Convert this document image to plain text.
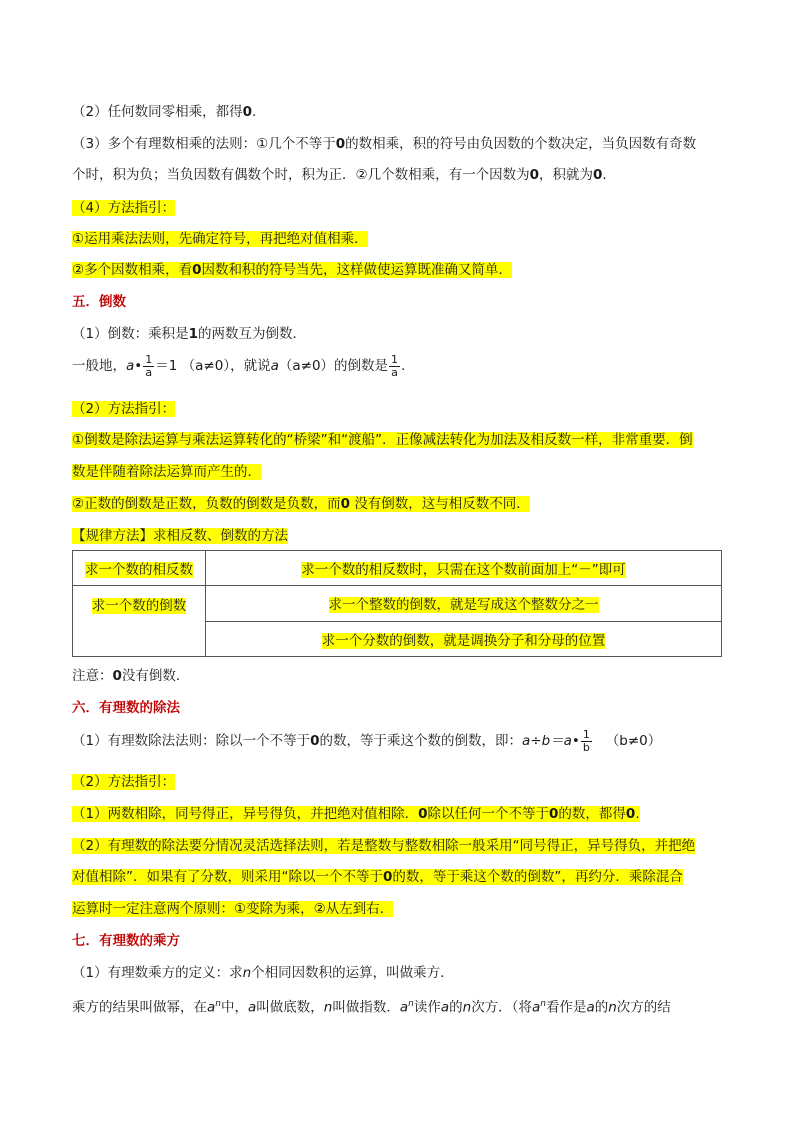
（2）任何数同零相乘，都得0.
（3）多个有理数相乘的法则：①几个不等于0的数相乘，积的符号由负因数的个数决定，当负因数有奇数
个时，积为负；当负因数有偶数个时，积为正．②几个数相乘，有一个因数为0，积就为0．
（4）方法指引：
①运用乘法法则，先确定符号，再把绝对值相乘．
②多个因数相乘，看0因数和积的符号当先，这样做使运算既准确又简单．
五．倒数
（1）倒数：乘积是1的两数互为倒数．
一般地，a• $\frac{1}{a} =1$ （a≠0），就说a（a≠0）的倒数是 $\frac{1}{a}$ .
（2）方法指引：
①倒数是除法运算与乘法运算转化的“桥梁”和“渡船”．正像减法转化为加法及相反数一样，非常重要．倒
数是伴随着除法运算而产生的．
②正数的倒数是正数，负数的倒数是负数，而0 没有倒数，这与相反数不同．
【规律方法】求相反数、倒数的方法
求一个数的相反数	求一个数的相反数时，只需在这个数前面加上“－”即可
求一个数的倒数	求一个整数的倒数，就是写成这个整数分之一
	求一个分数的倒数，就是调换分子和分母的位置
注意：0没有倒数．
六．有理数的除法
（1）有理数除法法则：除以一个不等于0的数，等于乘这个数的倒数，即：a÷b＝a• $\frac{1}{b} (b\ne 0)$
（2）方法指引：
（1）两数相除，同号得正，异号得负，并把绝对值相除．0除以任何一个不等于0的数，都得0.
（2）有理数的除法要分情况灵活选择法则，若是整数与整数相除一般采用“同号得正，异号得负，并把绝
对值相除”．如果有了分数，则采用“除以一个不等于0的数，等于乘这个数的倒数”，再约分．乘除混合
运算时一定注意两个原则：①变除为乘，②从左到右．
七．有理数的乘方
（1）有理数乘方的定义：求n个相同因数积的运算，叫做乘方．
乘方的结果叫做幂，在$a^n$中，a叫做底数，n叫做指数．$a^n$读作a的n次方．（将$a^n$看作是a的n次方的结
